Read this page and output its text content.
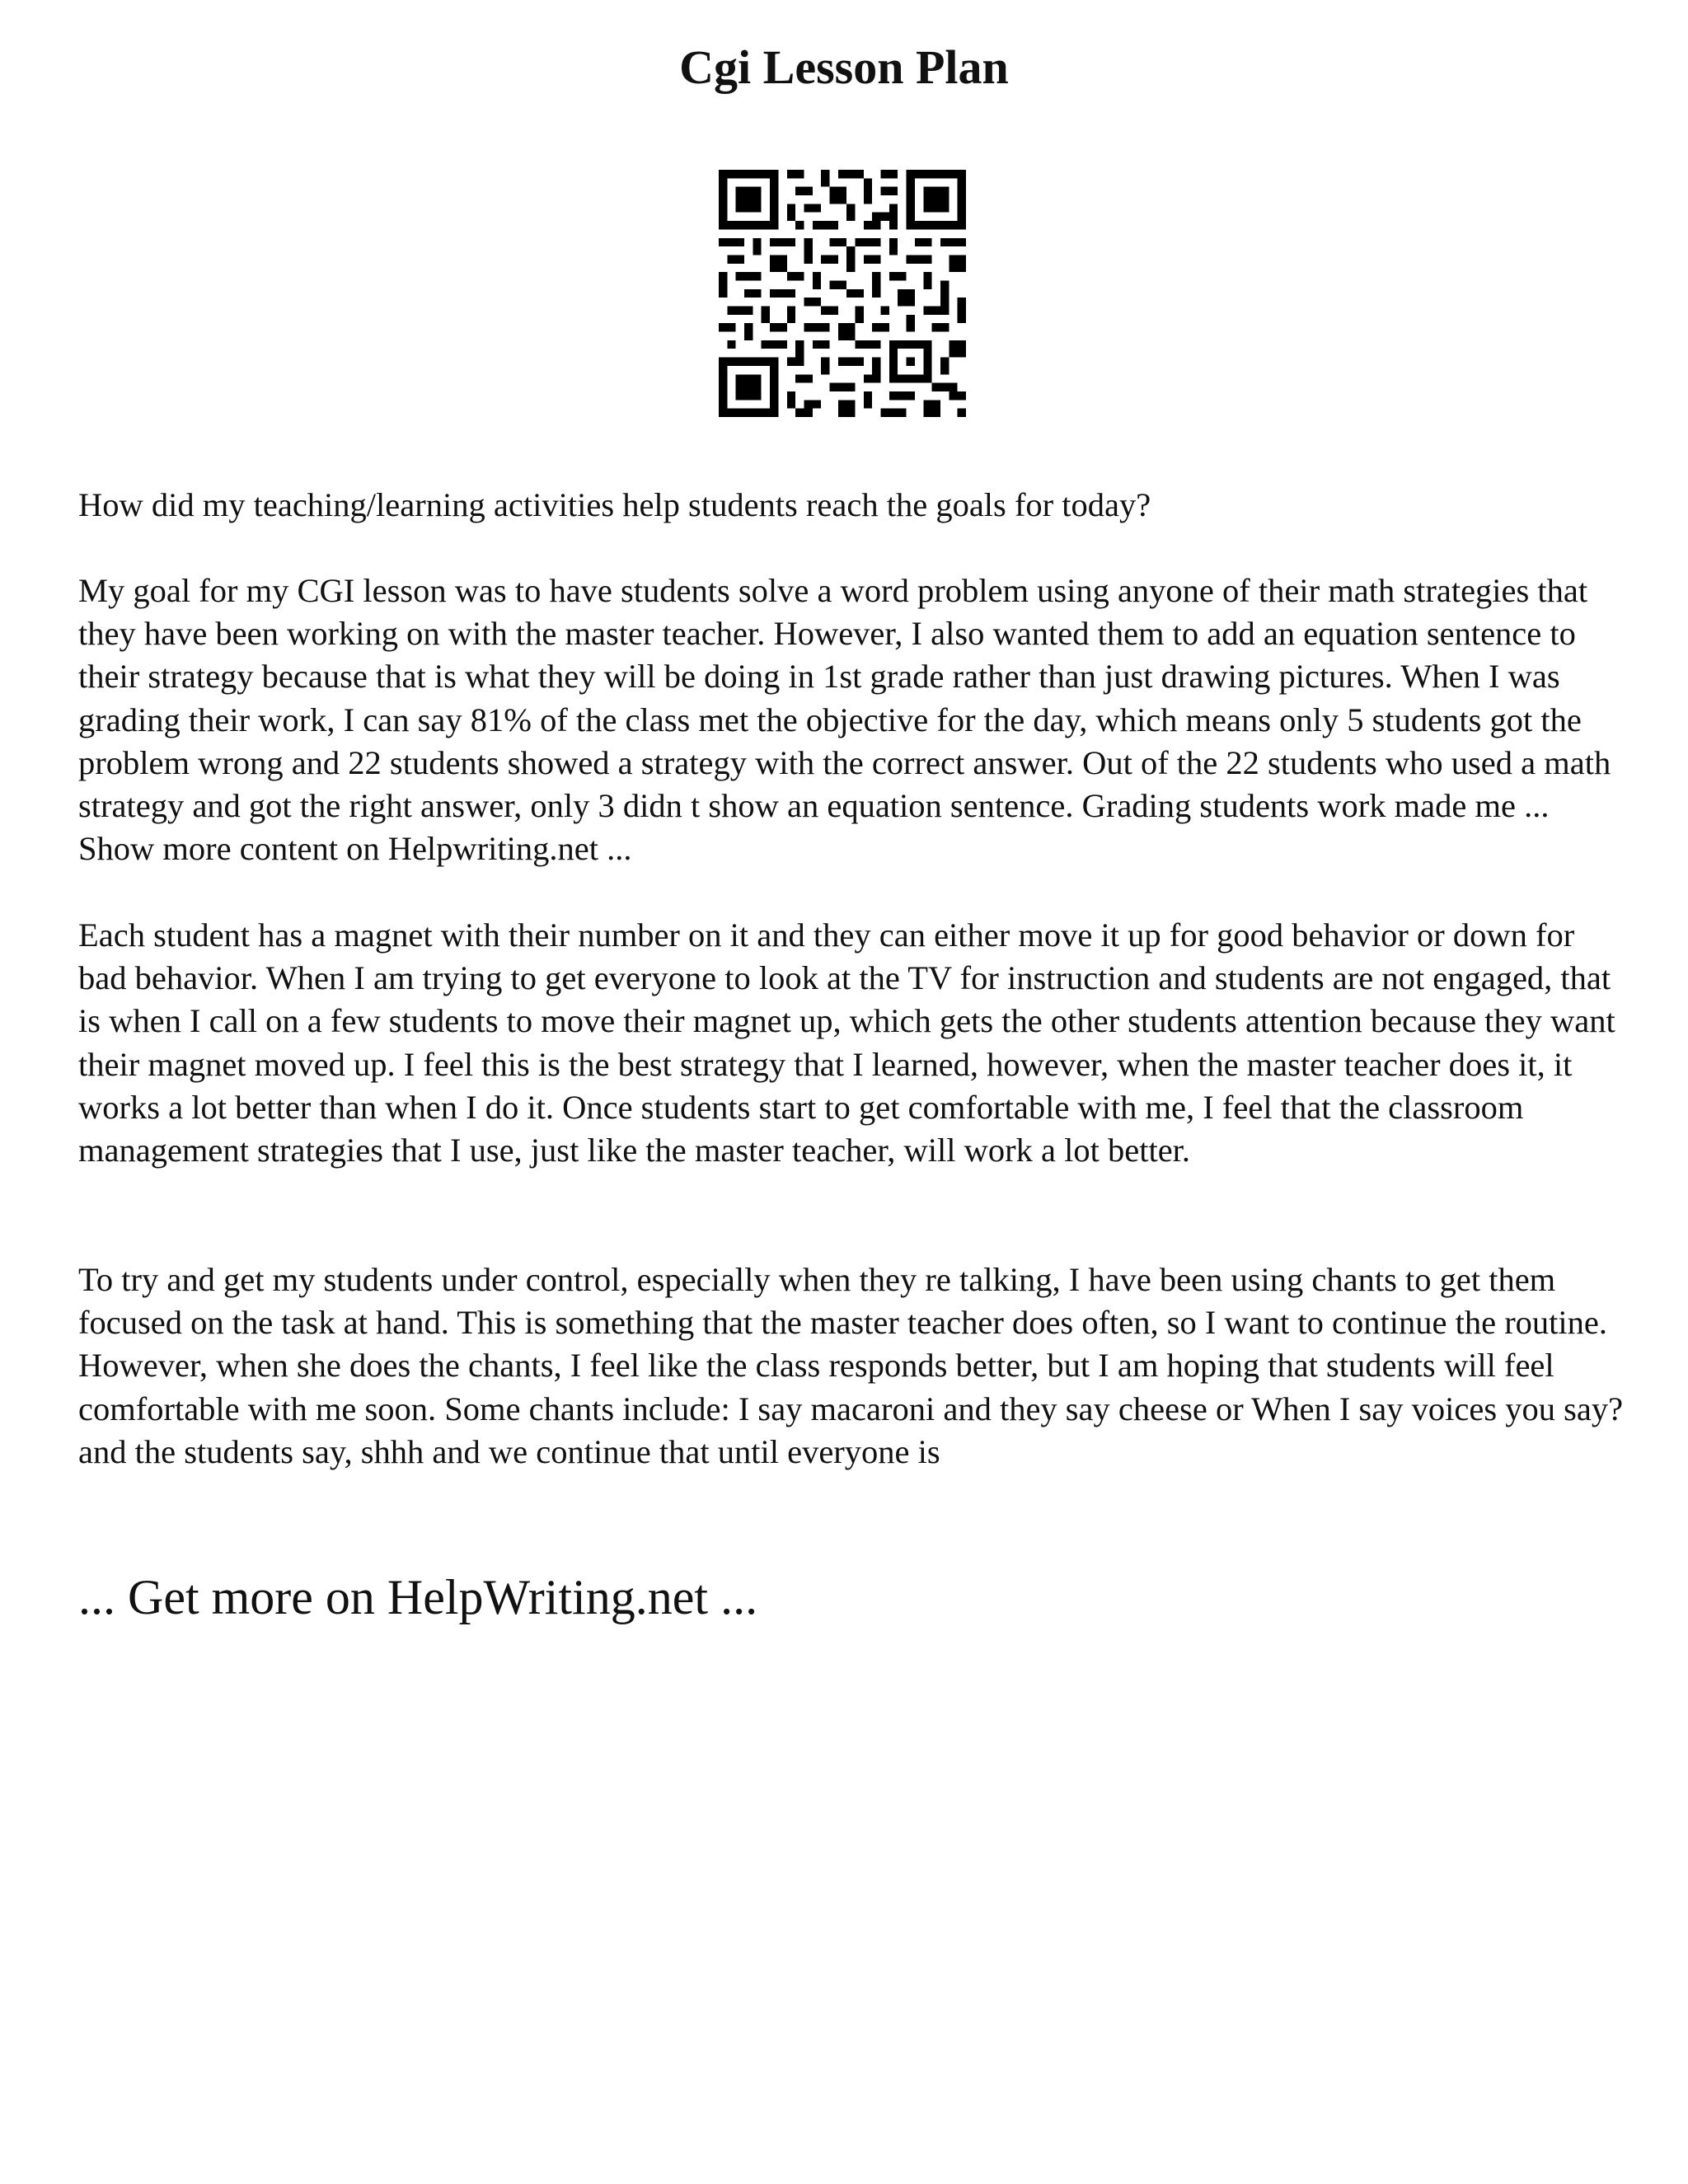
Cgi Lesson Plan

How did my teaching/learning activities help students reach the goals for today?

My goal for my CGI lesson was to have students solve a word problem using anyone of their math strategies that they have been working on with the master teacher. However, I also wanted them to add an equation sentence to their strategy because that is what they will be doing in 1st grade rather than just drawing pictures. When I was grading their work, I can say 81% of the class met the objective for the day, which means only 5 students got the problem wrong and 22 students showed a strategy with the correct answer. Out of the 22 students who used a math strategy and got the right answer, only 3 didn t show an equation sentence. Grading students work made me ... Show more content on Helpwriting.net ...

Each student has a magnet with their number on it and they can either move it up for good behavior or down for bad behavior. When I am trying to get everyone to look at the TV for instruction and students are not engaged, that is when I call on a few students to move their magnet up, which gets the other students attention because they want their magnet moved up. I feel this is the best strategy that I learned, however, when the master teacher does it, it works a lot better than when I do it. Once students start to get comfortable with me, I feel that the classroom management strategies that I use, just like the master teacher, will work a lot better.

To try and get my students under control, especially when they re talking, I have been using chants to get them focused on the task at hand. This is something that the master teacher does often, so I want to continue the routine. However, when she does the chants, I feel like the class responds better, but I am hoping that students will feel comfortable with me soon. Some chants include: I say macaroni and they say cheese or When I say voices you say? and the students say, shhh and we continue that until everyone is

... Get more on HelpWriting.net ...
